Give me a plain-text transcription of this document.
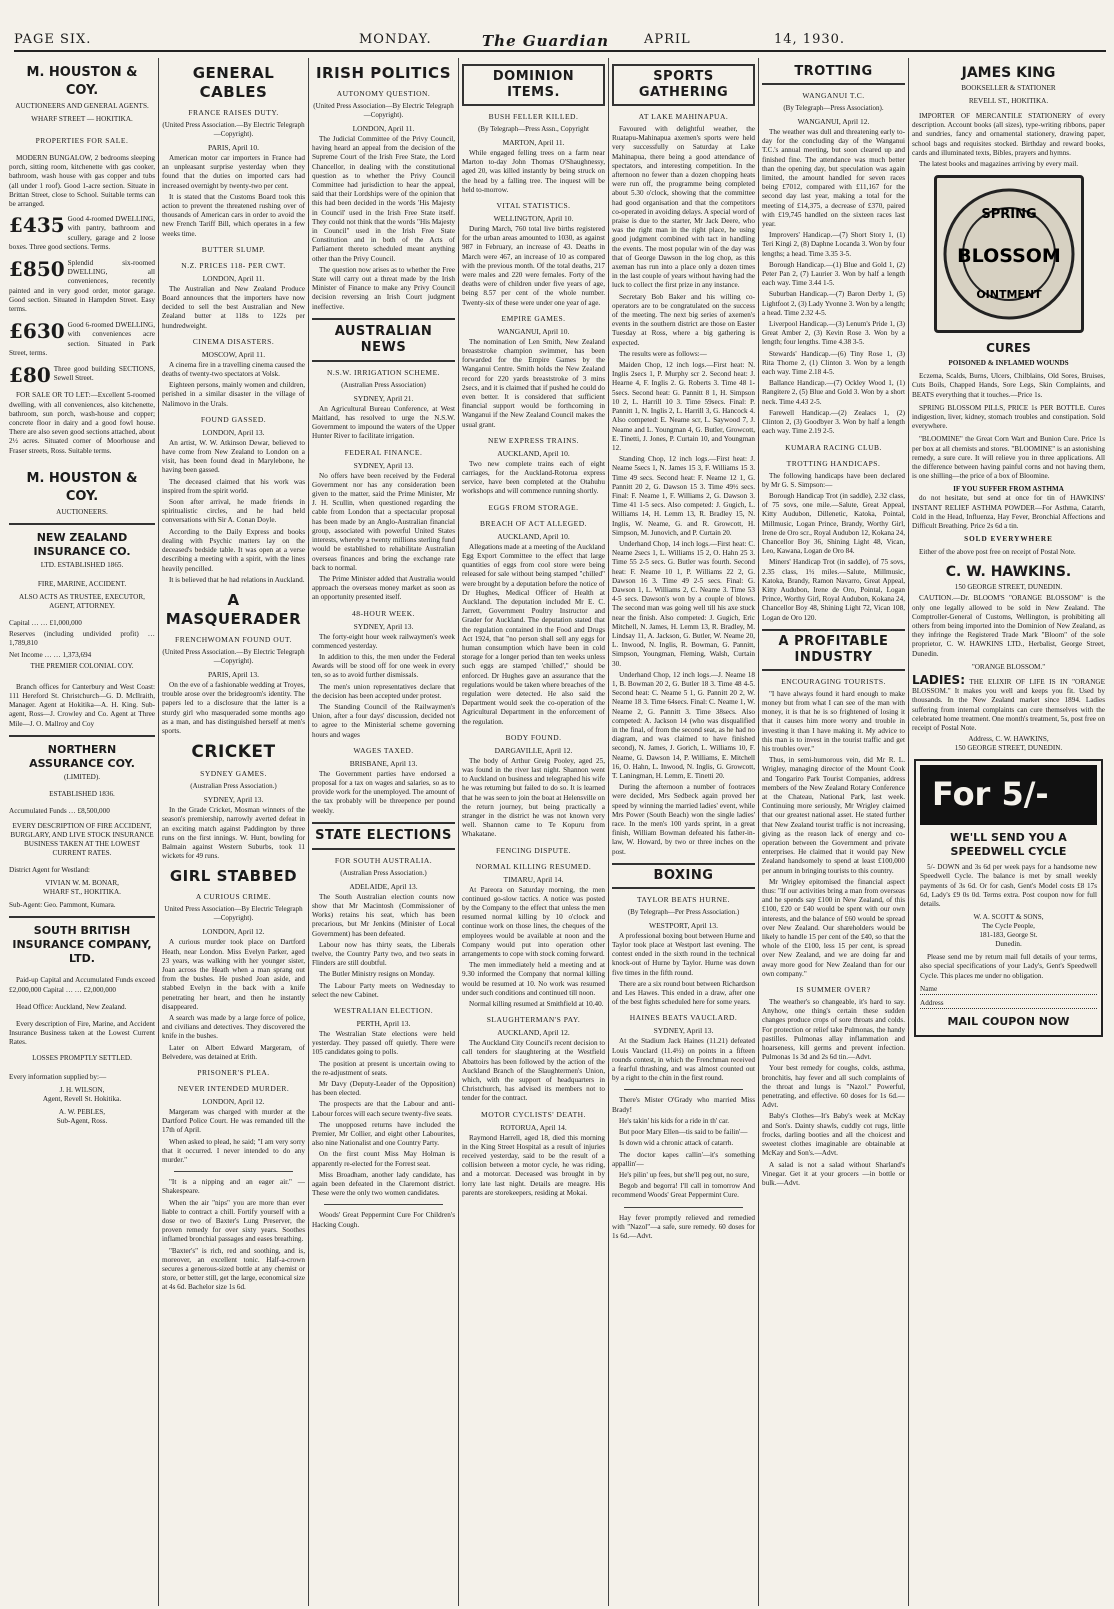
PAGE SIX.	MONDAY.	The Guardian	APRIL	14, 1930.
M. HOUSTON & COY.
AUCTIONEERS AND GENERAL AGENTS.
WHARF STREET — HOKITIKA.
PROPERTIES FOR SALE.
MODERN BUNGALOW, 2 bedrooms sleeping porch, sitting room, kitchenette with gas cooker, bathroom, wash house with gas copper and tubs (all under 1 roof). Good 1-acre section. Situate in Brittan Street, close to School. Suitable terms can be arranged.
£435 Good 4-roomed DWELLING, with pantry, bathroom and scullery, garage and 2 loose boxes. Three good sections. Terms.
£850 Splendid six-roomed DWELLING, all conveniences, recently painted and in very good order, motor garage. Good section. Situated in Hampden Street. Easy terms.
£630 Good 6-roomed DWELLING, with conveniences acre section. Situated in Park Street, terms.
£80 Three good building SECTIONS, Sewell Street.
FOR SALE OR TO LET:—Excellent 5-roomed dwelling, with all conveniences, also kitchenette, bathroom, sun porch, wash-house and copper; concrete floor in dairy and a good fowl house. There are also seven good sections attached, about 2½ acres. Situated corner of Moorhouse and Fraser streets, Ross. Suitable terms.
M. HOUSTON & COY.
AUCTIONEERS.
NEW ZEALAND INSURANCE CO.
LTD. ESTABLISHED 1865.
FIRE, MARINE, ACCIDENT.
ALSO ACTS AS TRUSTEE, EXECUTOR, AGENT, ATTORNEY.
Capital … … £1,000,000
Reserves (including undivided profit) … 1,789,810
Net Income … … 1,373,694
THE PREMIER COLONIAL COY.
Branch offices for Canterbury and West Coast: 111 Hereford St. Christchurch—G. D. McIlraith, Manager. Agent at Hokitika—A. H. King. Sub-agent, Ross—J. Crowley and Co. Agent at Three Mile—J. O. Mallroy and Coy
NORTHERN ASSURANCE COY.
(LIMITED).
ESTABLISHED 1836.
Accumulated Funds … £8,500,000
EVERY DESCRIPTION OF FIRE ACCIDENT, BURGLARY, AND LIVE STOCK INSURANCE BUSINESS TAKEN AT THE LOWEST CURRENT RATES.
District Agent for Westland:
VIVIAN W. M. BONAR,
WHARF ST., HOKITIKA.
Sub-Agent: Geo. Pammont, Kumara.
SOUTH BRITISH INSURANCE COMPANY, LTD.
Paid-up Capital and Accumulated Funds exceed £2,000,000 Capital … … £2,000,000
Head Office: Auckland, New Zealand.
Every description of Fire, Marine, and Accident Insurance Business taken at the Lowest Current Rates.
LOSSES PROMPTLY SETTLED.
Every information supplied by:—
J. H. WILSON,
Agent, Revell St. Hokitika.
A. W. PEBLES,
Sub-Agent, Ross.
GENERAL CABLES
FRANCE RAISES DUTY.
(United Press Association.—By Electric Telegraph—Copyright).
PARIS, April 10.
American motor car importers in France had an unpleasant surprise yesterday when they found that the duties on imported cars had increased overnight by twenty-two per cent.
It is stated that the Customs Board took this action to prevent the threatened rushing over of thousands of American cars in order to avoid the new French Tariff Bill, which operates in a few weeks time.
BUTTER SLUMP.
N.Z. PRICES 118- PER CWT.
LONDON, April 11.
The Australian and New Zealand Produce Board announces that the importers have now decided to sell the best Australian and New Zealand butter at 118s to 122s per hundredweight.
CINEMA DISASTERS.
MOSCOW, April 11.
A cinema fire in a travelling cinema caused the deaths of twenty-two spectators at Volsk.
Eighteen persons, mainly women and children, perished in a similar disaster in the village of Nalimovo in the Urals.
FOUND GASSED.
LONDON, April 13.
An artist, W. W. Atkinson Dewar, believed to have come from New Zealand to London on a visit, has been found dead in Marylebone, he having been gassed.
The deceased claimed that his work was inspired from the spirit world.
Soon after arrival, he made friends in spiritualistic circles, and he had held conversations with Sir A. Conan Doyle.
According to the Daily Express and books dealing with Psychic matters lay on the deceased's bedside table. It was open at a verse describing a meeting with a spirit, with the lines heavily pencilled.
It is believed that he had relations in Auckland.
A MASQUERADER
FRENCHWOMAN FOUND OUT.
(United Press Association.—By Electric Telegraph—Copyright).
PARIS, April 13.
On the eve of a fashionable wedding at Troyes, trouble arose over the bridegroom's identity. The papers led to a disclosure that the latter is a sturdy girl who masqueraded some months ago as a man, and has distinguished herself at men's sports.
CRICKET
SYDNEY GAMES.
(Australian Press Association.)
SYDNEY, April 13.
In the Grade Cricket, Mosman winners of the season's premiership, narrowly averted defeat in an exciting match against Paddington by three runs on the first innings. W. Hunt, bowling for Balmain against Western Suburbs, took 11 wickets for 49 runs.
GIRL STABBED
A CURIOUS CRIME.
United Press Association—By Electric Telegraph—Copyright).
LONDON, April 12.
A curious murder took place on Dartford Heath, near London. Miss Evelyn Parker, aged 23 years, was walking with her younger sister, Joan across the Heath when a man sprang out from the bushes. He pushed Joan aside, and stabbed Evelyn in the back with a knife penetrating her heart, and then he instantly disappeared.
A search was made by a large force of police, and civilians and detectives. They discovered the knife in the bushes.
Later on Albert Edward Margeram, of Belvedere, was detained at Erith.
PRISONER'S PLEA.
NEVER INTENDED MURDER.
LONDON, April 12.
Margeram was charged with murder at the Dartford Police Court. He was remanded till the 17th of April.
When asked to plead, he said; "I am very sorry that it occurred. I never intended to do any murder."
"It is a nipping and an eager air." —Shakespeare.
When the air "nips" you are more than ever liable to contract a chill. Fortify yourself with a dose or two of Baxter's Lung Preserver, the proven remedy for over sixty years. Soothes inflamed bronchial passages and eases breathing.
"Baxter's" is rich, red and soothing, and is, moreover, an excellent tonic. Half-a-crown secures a generous-sized bottle at any chemist or store, or better still, get the large, economical size at 4s 6d. Bachelor size 1s 6d.
IRISH POLITICS
AUTONOMY QUESTION.
(United Press Association—By Electric Telegraph—Copyright).
LONDON, April 11.
The Judicial Committee of the Privy Council, having heard an appeal from the decision of the Supreme Court of the Irish Free State, the Lord Chancellor, in dealing with the constitutional question as to whether the Privy Council Committee had jurisdiction to hear the appeal, said that their Lordships were of the opinion that this had been decided in the words 'His Majesty in Council' used in the Irish Free State itself. They could not think that the words "His Majesty in Council" used in the Irish Free State Constitution and in both of the Acts of Parliament thereto scheduled meant anything other than the Privy Council.
The question now arises as to whether the Free State will carry out a threat made by the Irish Minister of Finance to make any Privy Council decision reversing an Irish Court judgment ineffective.
AUSTRALIAN NEWS
N.S.W. IRRIGATION SCHEME.
(Australian Press Association)
SYDNEY, April 21.
An Agricultural Bureau Conference, at West Maitland, has resolved to urge the N.S.W. Government to impound the waters of the Upper Hunter River to facilitate irrigation.
FEDERAL FINANCE.
SYDNEY, April 13.
No offers have been received by the Federal Government nor has any consideration been given to the matter, said the Prime Minister, Mr J. H. Scullin, when questioned regarding the cable from London that a spectacular proposal has been made by an Anglo-Australian financial group, associated with powerful United States interests, whereby a twenty millions sterling fund would be established to rehabilitate Australian overseas finances and bring the exchange rate back to normal.
The Prime Minister added that Australia would approach the overseas money market as soon as an opportunity presented itself.
48-HOUR WEEK.
SYDNEY, April 13.
The forty-eight hour week railwaymen's week commenced yesterday.
In addition to this, the men under the Federal Awards will be stood off for one week in every ten, so as to avoid further dismissals.
The men's union representatives declare that the decision has been accepted under protest.
The Standing Council of the Railwaymen's Union, after a four days' discussion, decided not to agree to the Ministerial scheme governing hours and wages
WAGES TAXED.
BRISBANE, April 13.
The Government parties have endorsed a proposal for a tax on wages and salaries, so as to provide work for the unemployed. The amount of the tax probably will be threepence per pound weekly.
STATE ELECTIONS
FOR SOUTH AUSTRALIA.
(Australian Press Association.)
ADELAIDE, April 13.
The South Australian election counts now show that Mr Macintosh (Commissioner of Works) retains his seat, which has been precarious, but Mr Jenkins (Minister of Local Government) has been defeated.
Labour now has thirty seats, the Liberals twelve, the Country Party two, and two seats in Flinders are still doubtful.
The Butler Ministry resigns on Monday.
The Labour Party meets on Wednesday to select the new Cabinet.
WESTRALIAN ELECTION.
PERTH, April 13.
The Westralian State elections were held yesterday. They passed off quietly. There were 105 candidates going to polls.
The position at present is uncertain owing to the re-adjustment of seats.
Mr Davy (Deputy-Leader of the Opposition) has been elected.
The prospects are that the Labour and anti-Labour forces will each secure twenty-five seats.
The unopposed returns have included the Premier, Mr Collier, and eight other Labourites, also nine Nationalist and one Country Party.
On the first count Miss May Holman is apparently re-elected for the Forrest seat.
Miss Broadham, another lady candidate, has again been defeated in the Claremont district. These were the only two women candidates.
Woods' Great Peppermint Cure For Children's Hacking Cough.
DOMINION ITEMS.
BUSH FELLER KILLED.
(By Telegraph—Press Assn., Copyright
MARTON, April 11.
While engaged felling trees on a farm near Marton to-day John Thomas O'Shaughnessy, aged 20, was killed instantly by being struck on the head by a falling tree. The inquest will be held to-morrow.
VITAL STATISTICS.
WELLINGTON, April 10.
During March, 760 total live births registered for the urban areas amounted to 1030, as against 987 in February, an increase of 43. Deaths in March were 467, an increase of 10 as compared with the previous month. Of the total deaths, 217 were males and 220 were females. Forty of the deaths were of children under five years of age, being 8.57 per cent of the whole number. Twenty-six of these were under one year of age.
EMPIRE GAMES.
WANGANUI, April 10.
The nomination of Len Smith, New Zealand breaststroke champion swimmer, has been forwarded for the Empire Games by the Wanganui Centre. Smith holds the New Zealand record for 220 yards breaststroke of 3 mins 2secs, and it is claimed that if pushed he could do even better. It is considered that sufficient financial support would be forthcoming in Wanganui if the New Zealand Council makes the usual grant.
NEW EXPRESS TRAINS.
AUCKLAND, April 10.
Two new complete trains each of eight carriages, for the Auckland-Rotorua express service, have been completed at the Otahuhu workshops and will commence running shortly.
EGGS FROM STORAGE.
BREACH OF ACT ALLEGED.
AUCKLAND, April 10.
Allegations made at a meeting of the Auckland Egg Export Committee to the effect that large quantities of eggs from cool store were being released for sale without being stamped "chilled" were brought by a deputation before the notice of Dr Hughes, Medical Officer of Health at Auckland. The deputation included Mr E. C. Jarrett, Government Poultry Instructor and Grader for Auckland. The deputation stated that the regulation contained in the Food and Drugs Act 1924, that "no person shall sell any eggs for human consumption which have been in cold storage for a longer period than ten weeks unless such eggs are stamped 'chilled'," should be enforced. Dr Hughes gave an assurance that the regulations would be taken where breaches of the regulation were detected. He also said the Department would seek the co-operation of the Agricultural Department in the enforcement of the regulation.
BODY FOUND.
DARGAVILLE, April 12.
The body of Arthur Greig Pooley, aged 25, was found in the river last night. Shannon went to Auckland on business and telegraphed his wife he was returning but failed to do so. It is learned that he was seen to join the boat at Helensville on the return journey, but being practically a stranger in the district he was not known very well. Shannon came to Te Kopuru from Whakatane.
FENCING DISPUTE.
NORMAL KILLING RESUMED.
TIMARU, April 14.
At Pareora on Saturday morning, the men continued go-slow tactics. A notice was posted by the Company to the effect that unless the men resumed normal killing by 10 o'clock and continue work on those lines, the cheques of the employees would be available at noon and the Company would put into operation other arrangements to cope with stock coming forward.
The men immediately held a meeting and at 9.30 informed the Company that normal killing would be resumed at 10. No work was resumed under such conditions and continued till noon.
Normal killing resumed at Smithfield at 10.40.
SLAUGHTERMAN'S PAY.
AUCKLAND, April 12.
The Auckland City Council's recent decision to call tenders for slaughtering at the Westfield Abattoirs has been followed by the action of the Auckland Branch of the Slaughtermen's Union, which, with the support of headquarters in Christchurch, has advised its members not to tender for the contract.
MOTOR CYCLISTS' DEATH.
ROTORUA, April 14.
Raymond Harrell, aged 18, died this morning in the King Street Hospital as a result of injuries received yesterday, said to be the result of a collision between a motor cycle, he was riding, and a motorcar. Deceased was brought in by lorry late last night. Details are meagre. His parents are storekeepers, residing at Mokai.
SPORTS GATHERING
AT LAKE MAHINAPUA.
Favoured with delightful weather, the Ruatapu-Mahinapua axemen's sports were held very successfully on Saturday at Lake Mahinapua, there being a good attendance of spectators, and interesting competition. In the afternoon no fewer than a dozen chopping heats were run off, the programme being completed about 5.30 o'clock, showing that the committee had good organisation and that the competitors co-operated in avoiding delays. A special word of praise is due to the starter, Mr Jack Deere, who was the right man in the right place, he using good judgment combined with tact in handling the events. The most popular win of the day was that of George Dawson in the log chop, as this axeman has run into a place only a dozen times in the last couple of years without having had the luck to collect the first prize in any instance.
Secretary Bob Baker and his willing co-operators are to be congratulated on the success of the meeting. The next big series of axemen's events in the southern district are those on Easter Tuesday at Ross, where a big gathering is expected.
The results were as follows:—
Maiden Chop, 12 inch logs.—First heat: N. Inglis 2secs 1, P. Murphy scr 2. Second heat: J. Hearne 4, F. Inglis 2. G. Roberts 3. Time 48 1-5secs. Second heat: G. Pannitt 8 1, H. Simpson 10 2, L. Harrill 10 3. Time 59secs. Final: P. Pannitt 1, N. Inglis 2, L. Harrill 3, G. Hancock 4. Also competed: E. Neame scr, L. Saywood 7, J. Neame and L. Youngman 4, G. Butler, Growcott, E. Tinetti, J. Jones, P. Curtain 10, and Youngman 12.
Standing Chop, 12 inch logs.—First heat: J. Neame 5secs 1, N. James 15 3, F. Williams 15 3. Time 49 secs. Second heat: F. Neame 12 1, G. Pannitt 20 2, G. Dawson 15 3. Time 49½ secs. Final: F. Neame 1, F. Williams 2, G. Dawson 3. Time 41 1-5 secs. Also competed: J. Gugich, L. Williams 14, H. Lemm 13, R. Bradley 15, N. Inglis, W. Neame, G. and R. Growcott, H. Simpson, M. Junovich, and P. Curtain 20.
Underhand Chop, 14 inch logs.—First heat: C. Neame 2secs 1, L. Williams 15 2, O. Hahn 25 3. Time 55 2-5 secs. G. Butler was fourth. Second heat: F. Neame 10 1, P. Williams 22 2, G. Dawson 16 3. Time 49 2-5 secs. Final: G. Dawson 1, L. Williams 2, C. Neame 3. Time 53 4-5 secs. Dawson's won by a couple of blows. The second man was going well till his axe stuck near the finish. Also competed: J. Gugich, Eric Mitchell, N. James, H. Lemm 13, R. Bradley, M. Lindsay 11, A. Jackson, G. Butler, W. Neame 20, L. Inwood, N. Inglis, R. Bowman, G. Pannitt, Simpson, Youngman, Fleming, Walsh, Curtain 30.
Underhand Chop, 12 inch logs.—J. Neame 18 1, B. Bowman 20 2, G. Butler 18 3. Time 48 4-5. Second heat: C. Neame 5 1, G. Pannitt 20 2, W. Neame 18 3. Time 64secs. Final: C. Neame 1, W. Neame 2, G. Pannitt 3. Time 38secs. Also competed: A. Jackson 14 (who was disqualified in the final, of from the second seat, as he had no diagram, and was claimed to have finished second), N. James, J. Gorich, L. Williams 10, F. Neame, G. Dawson 14, P. Williams, E. Mitchell 16, O. Hahn, L. Inwood, N. Inglis, G. Growcott, T. Laningman, H. Lemm, E. Tinetti 20.
During the afternoon a number of footraces were decided, Mrs Sedbeck again proved her speed by winning the married ladies' event, while Mrs Power (South Beach) won the single ladies' race. In the men's 100 yards sprint, in a great finish, William Bowman defeated his father-in-law, W. Howard, by two or three inches on the post.
BOXING
TAYLOR BEATS HURNE.
(By Telegraph—Per Press Association.)
WESTPORT, April 13.
A professional boxing bout between Hurne and Taylor took place at Westport last evening. The contest ended in the sixth round in the technical knock-out of Hurne by Taylor. Hurne was down five times in the fifth round.
There are a six round bout between Richardson and Les Hawes. This ended in a draw, after one of the best fights scheduled here for some years.
HAINES BEATS VAUCLARD.
SYDNEY, April 13.
At the Stadium Jack Haines (11.21) defeated Louis Vauclard (11.4½) on points in a fifteen rounds contest, in which the Frenchman received a fearful thrashing, and was almost counted out by a right to the chin in the first round.
There's Mister O'Grady who married Miss Brady!
He's takin' his kids for a ride in th' car.
But poor Mary Ellen—tis said to be failin'—
Is down wid a chronic attack of catarrh.
The doctor kapes callin'—it's something appallin'—
He's pilin' up fees, but she'll peg out, no sure,
Begob and begorra! I'll call in tomorrow And recommend Woods' Great Peppermint Cure.
Hay fever promptly relieved and remedied with "Nazol"—a safe, sure remedy. 60 doses for 1s 6d.—Advt.
TROTTING
WANGANUI T.C.
(By Telegraph—Press Association).
WANGANUI, April 12.
The weather was dull and threatening early to-day for the concluding day of the Wanganui T.C.'s annual meeting, but soon cleared up and finished fine. The attendance was much better than the opening day, but speculation was again limited, the amount handled for seven races being £7012, compared with £11,167 for the second day last year, making a total for the meeting of £14,375, a decrease of £370, paired with £19,745 handled on the sixteen races last year.
Improvers' Handicap.—(7) Short Story 1, (1) Teri Kingi 2, (8) Daphne Locanda 3. Won by four lengths; a head. Time 3.35 3-5.
Borough Handicap.—(1) Blue and Gold 1, (2) Peter Pan 2, (7) Laurier 3. Won by half a length each way. Time 3.44 1-5.
Suburban Handicap.—(7) Baron Derby 1, (5) Lightfoot 2, (3) Lady Yvonne 3. Won by a length; a head. Time 2.32 4-5.
Liverpool Handicap.—(3) Lenum's Pride 1, (3) Great Amber 2, (3) Kevin Rose 3. Won by a length; four lengths. Time 4.38 3-5.
Stewards' Handicap.—(6) Tiny Rose 1, (3) Rita Thorne 2, (1) Clinton 3. Won by a length each way. Time 2.18 4-5.
Ballance Handicap.—(7) Ockley Wood 1, (1) Rangitere 2, (5) Blue and Gold 3. Won by a short neck. Time 4.43 2-5.
Farewell Handicap.—(2) Zealacs 1, (2) Clinton 2, (3) Goodbyer 3. Won by half a length each way. Time 2.19 2-5.
KUMARA RACING CLUB.
TROTTING HANDICAPS.
The following handicaps have been declared by Mr G. S. Simpson:—
Borough Handicap Trot (in saddle), 2.32 class, of 75 sovs, one mile.—Salute, Great Appeal, Kitty Audubon, Dillenetic, Katoka, Pointal, Millmusic, Logan Prince, Brandy, Worthy Girl, Irene de Oro scr., Royal Audubon 12, Kokana 24, Chancellor Boy 36, Shining Light 48, Vican, Leo, Kawana, Logan de Oro 84.
Miners' Handicap Trot (in saddle), of 75 sovs, 2.35 class, 1½ miles.—Salute, Millmusic, Katoka, Brandy, Ramon Navarro, Great Appeal, Kitty Audubon, Irene de Oro, Pointal, Logan Prince, Worthy Girl, Royal Audubon, Kokana 24, Chancellor Boy 48, Shining Light 72, Vican 108, Logan de Oro 120.
A PROFITABLE INDUSTRY
ENCOURAGING TOURISTS.
"I have always found it hard enough to make money but from what I can see of the man with money, it is that he is so frightened of losing it that it causes him more worry and trouble in investing it than I have making it. My advice to this man is to invest in the tourist traffic and get his troubles over."
Thus, in semi-humorous vein, did Mr R. L. Wrigley, managing director of the Mount Cook and Tongariro Park Tourist Companies, address members of the New Zealand Rotary Conference at the Chateau, National Park, last week. Continuing more seriously, Mr Wrigley claimed that our greatest national asset. He stated further that New Zealand tourist traffic is not increasing, giving as the reason lack of energy and co-operation between the Government and private enterprises. He claimed that it would pay New Zealand handsomely to spend at least £100,000 per annum in bringing tourists to this country.
Mr Wrigley epitomised the financial aspect thus: "If our activities bring a man from overseas and he spends say £100 in New Zealand, of this £100, £20 or £40 would be spent with our own interests, and the balance of £60 would be spread over New Zealand. Our shareholders would be likely to handle 15 per cent of the £40, so that the whole of the £100, less 15 per cent, is spread over New Zealand, and we are doing far and away more good for New Zealand than for our own company."
IS SUMMER OVER?
The weather's so changeable, it's hard to say. Anyhow, one thing's certain these sudden changes produce crops of sore throats and colds. For protection or relief take Pulmonas, the handy pastilles. Pulmonas allay inflammation and hoarseness, kill germs and prevent infection. Pulmonas 1s 3d and 2s 6d tin.—Advt.
Your best remedy for coughs, colds, asthma, bronchitis, hay fever and all such complaints of the throat and lungs is "Nazol." Powerful, penetrating, and effective. 60 doses for 1s 6d.—Advt.
Baby's Clothes—It's Baby's week at McKay and Son's. Dainty shawls, cuddly cot rugs, little frocks, darling booties and all the choicest and sweetest clothes imaginable are obtainable at McKay and Son's.—Advt.
A salad is not a salad without Sharland's Vinegar. Get it at your grocers —in bottle or bulk.—Advt.
JAMES KING
BOOKSELLER & STATIONER
REVELL ST., HOKITIKA.
IMPORTER OF MERCANTILE STATIONERY of every description. Account books (all sizes), type-writing ribbons, paper and sundries, fancy and ornamental stationery, drawing paper, school bags and requisites stocked. Birthday and reward books, cards and illuminated texts, Bibles, prayers and hymns.
The latest books and magazines arriving by every mail.
SPRING
BLOSSOM
OINTMENT
CURES
POISONED & INFLAMED WOUNDS
Eczema, Scalds, Burns, Ulcers, Chilblains, Old Sores, Bruises, Cuts Boils, Chapped Hands, Sore Legs, Skin Complaints, and BEATS everything that it touches.—Price 1s.
SPRING BLOSSOM PILLS, PRICE 1s PER BOTTLE. Cures indigestion, liver, kidney, stomach troubles and constipation. Sold everywhere.
"BLOOMINE" the Great Corn Wart and Bunion Cure. Price 1s per box at all chemists and stores. "BLOOMINE" is an astonishing remedy, a sure cure. It will relieve you in three applications. All the difference between having painful corns and not having them, is one shilling—the price of a box of Bloomine.
IF YOU SUFFER FROM ASTHMA
do not hesitate, but send at once for tin of HAWKINS' INSTANT RELIEF ASTHMA POWDER—For Asthma, Catarrh, Cold in the Head, Influenza, Hay Fever, Bronchial Affections and Difficult Breathing. Price 2s 6d a tin.
SOLD EVERYWHERE
Either of the above post free on receipt of Postal Note.
C. W. HAWKINS.
150 GEORGE STREET, DUNEDIN.
CAUTION.—Dr. BLOOM'S "ORANGE BLOSSOM" is the only one legally allowed to be sold in New Zealand. The Comptroller-General of Customs, Wellington, is prohibiting all others from being imported into the Dominion of New Zealand, as they infringe the Registered Trade Mark "Bloom" of the sole proprietor, C. W. HAWKINS LTD., Herbalist, George Street, Dunedin.
"ORANGE BLOSSOM."
LADIES: THE ELIXIR OF LIFE IS IN "ORANGE BLOSSOM." It makes you well and keeps you fit. Used by thousands. In the New Zealand market since 1894. Ladies suffering from internal complaints can cure themselves with the celebrated home treatment. One month's treatment, 5s, post free on receipt of Postal Note.
Address, C. W. HAWKINS,
150 GEORGE STREET, DUNEDIN.
For 5/-
WE'LL SEND YOU A SPEEDWELL CYCLE
5/- DOWN and 3s 6d per week pays for a handsome new Speedwell Cycle. The balance is met by small weekly payments of 3s 6d. Or for cash, Gent's Model costs £8 17s 6d, Lady's £9 0s 0d. Terms extra. Post coupon now for full details.
W. A. SCOTT & SONS,
The Cycle People,
181-183, George St.
Dunedin.
Please send me by return mail full details of your terms, also special specifications of your Lady's, Gent's Speedwell Cycle. This places me under no obligation.
Name
Address
MAIL COUPON NOW
